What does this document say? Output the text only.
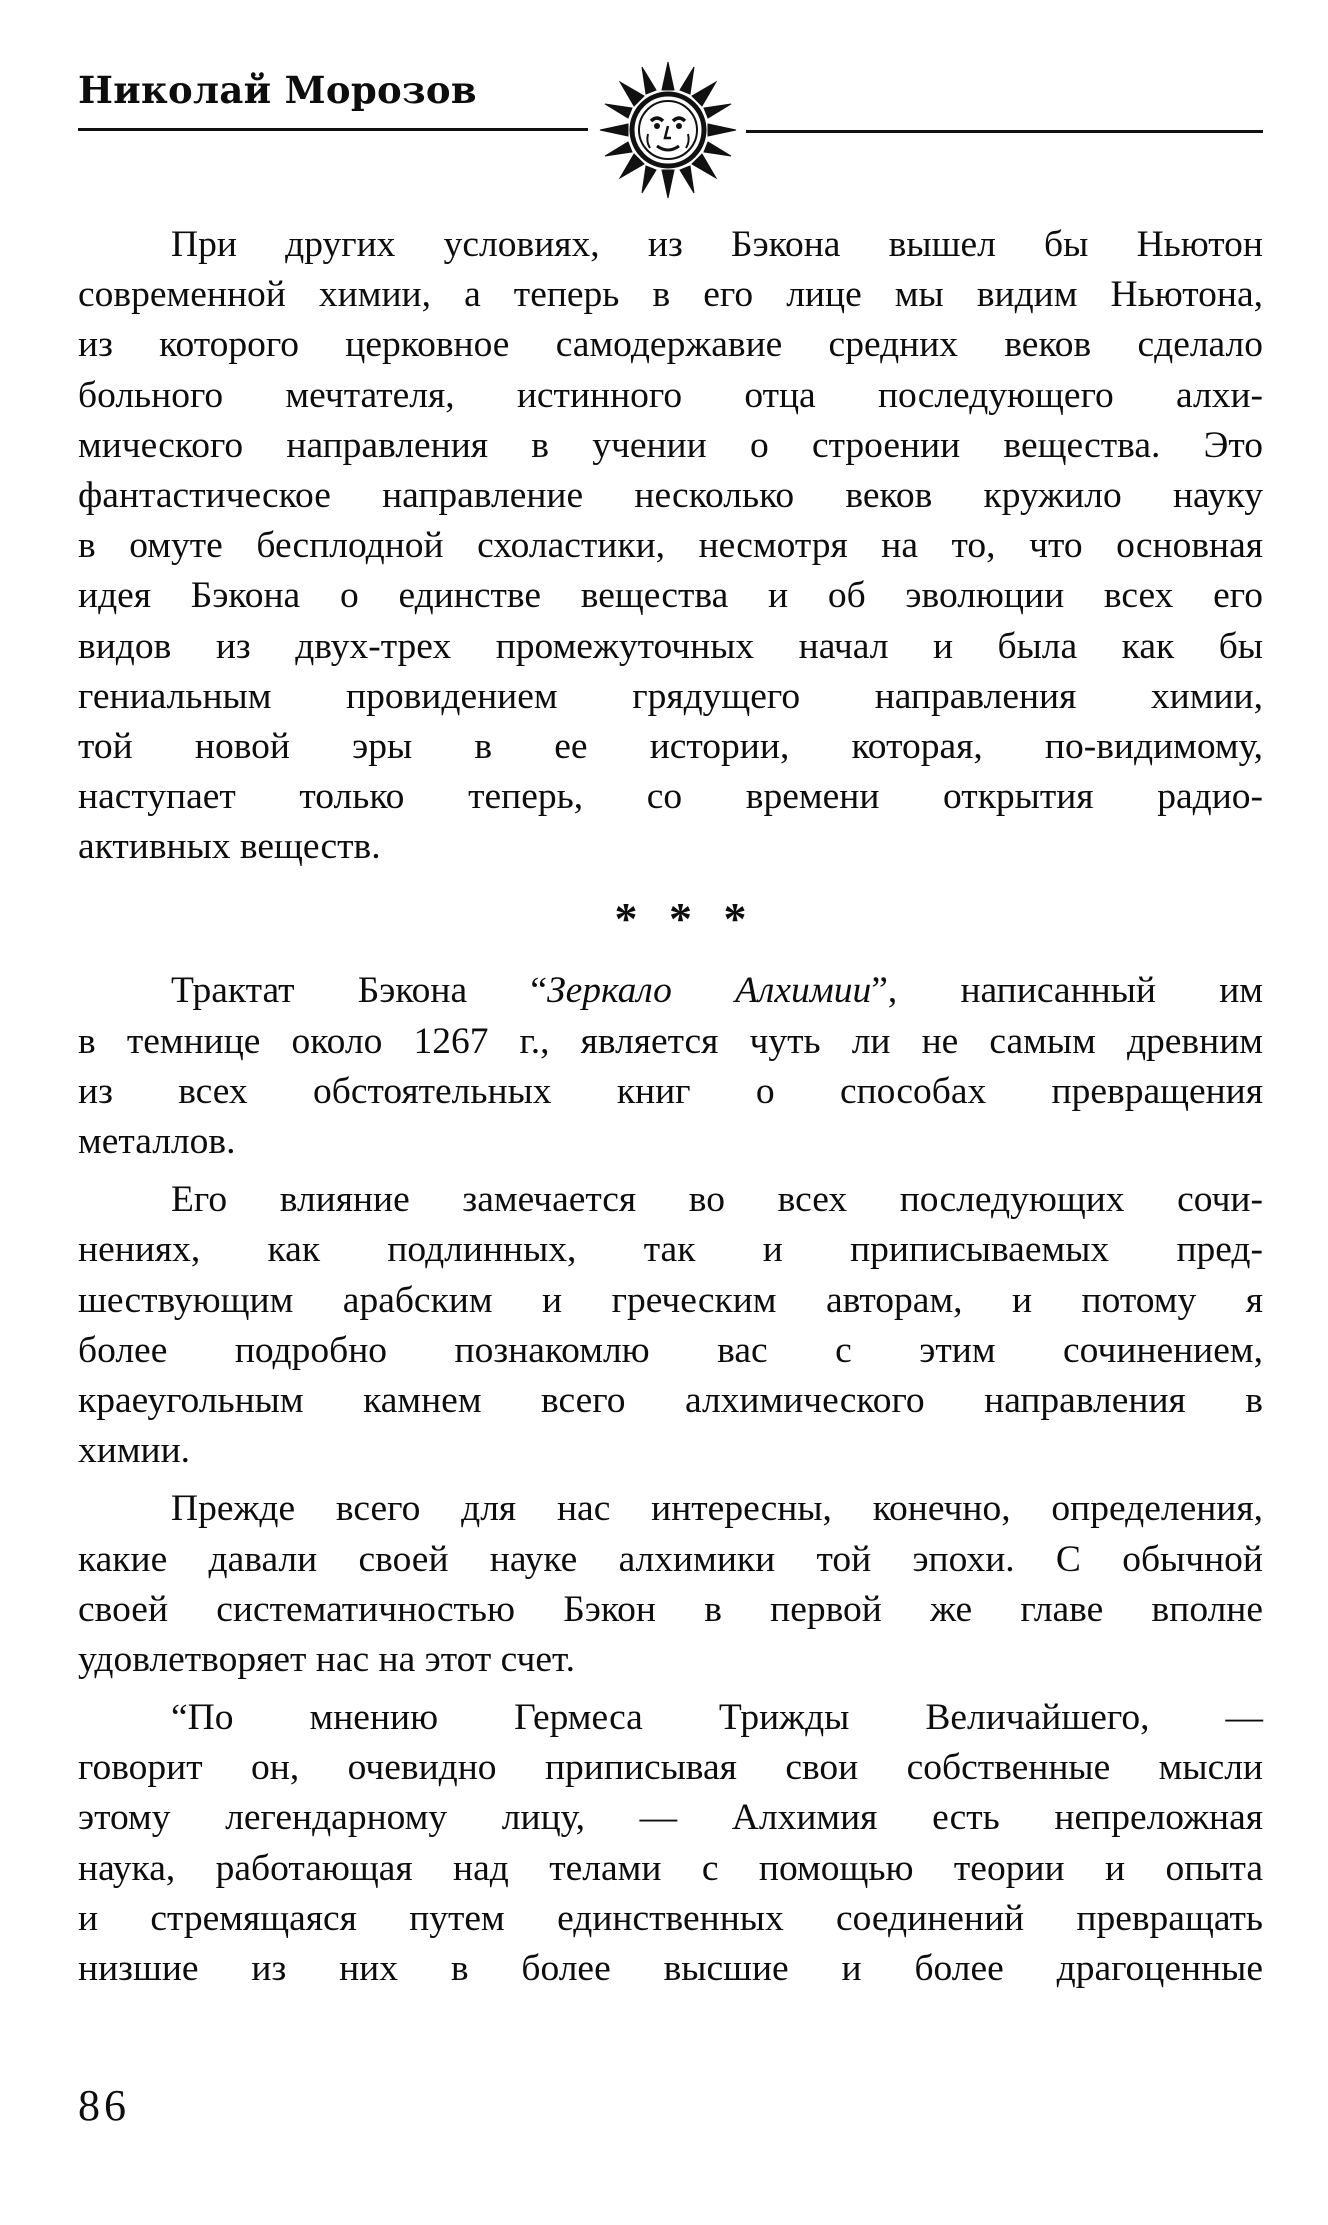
Николай Морозов
При других условиях, из Бэкона вышел бы Ньютон
современной химии, а теперь в его лице мы видим Ньютона,
из которого церковное самодержавие средних веков сделало
больного мечтателя, истинного отца последующего алхи-
мического направления в учении о строении вещества. Это
фантастическое направление несколько веков кружило науку
в омуте бесплодной схоластики, несмотря на то, что основная
идея Бэкона о единстве вещества и об эволюции всех его
видов из двух-трех промежуточных начал и была как бы
гениальным провидением грядущего направления химии,
той новой эры в ее истории, которая, по-видимому,
наступает только теперь, со времени открытия радио-
активных веществ.
* * *
Трактат Бэкона “Зеркало Алхимии”, написанный им
в темнице около 1267 г., является чуть ли не самым древним
из всех обстоятельных книг о способах превращения
металлов.
Его влияние замечается во всех последующих сочи-
нениях, как подлинных, так и приписываемых пред-
шествующим арабским и греческим авторам, и потому я
более подробно познакомлю вас с этим сочинением,
краеугольным камнем всего алхимического направления в
химии.
Прежде всего для нас интересны, конечно, определения,
какие давали своей науке алхимики той эпохи. С обычной
своей систематичностью Бэкон в первой же главе вполне
удовлетворяет нас на этот счет.
“По мнению Гермеса Трижды Величайшего, —
говорит он, очевидно приписывая свои собственные мысли
этому легендарному лицу, — Алхимия есть непреложная
наука, работающая над телами с помощью теории и опыта
и стремящаяся путем единственных соединений превращать
низшие из них в более высшие и более драгоценные
86
